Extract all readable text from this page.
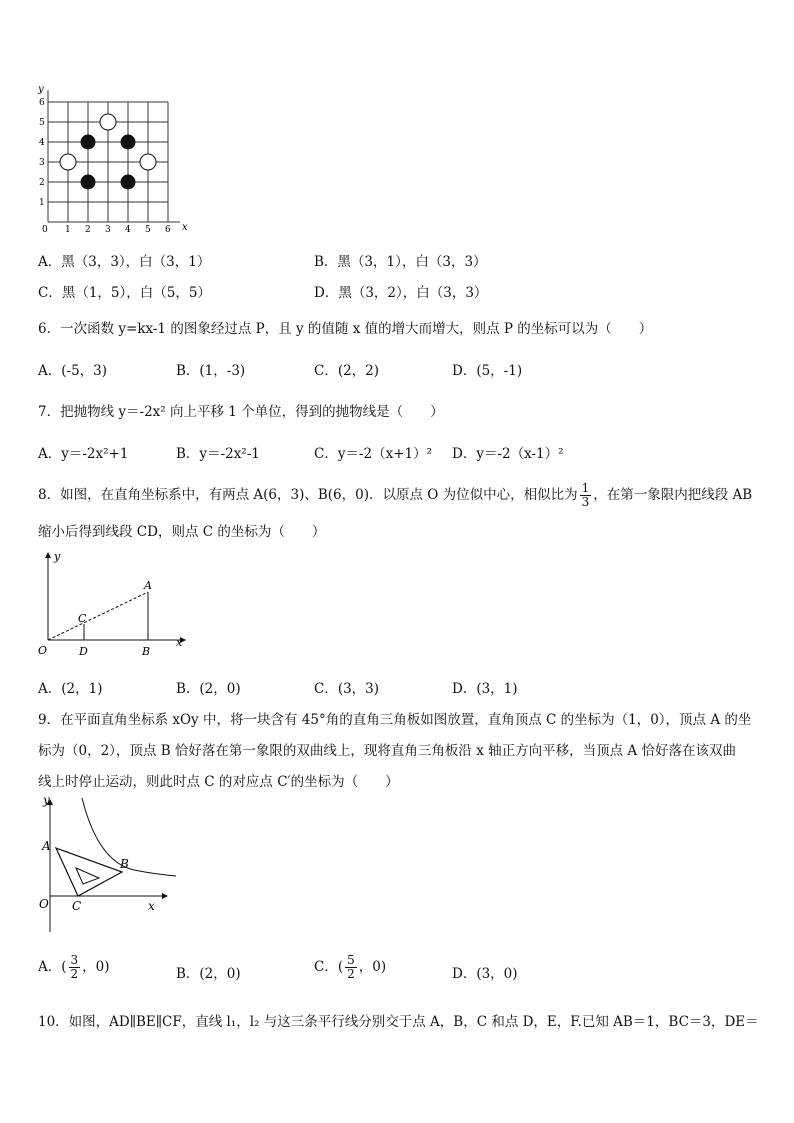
y
x
0
1
2
3
4
5
6
1 2 3 4 5 6
A．黑（3，3），白（3，1）	B．黑（3，1），白（3，3）
C．黑（1，5），白（5，5）	D．黑（3，2），白（3，3）
6．一次函数 y=kx-1 的图象经过点 P，且 y 的值随 x 值的增大而增大，则点 P 的坐标可以为（　　）
A．(-5，3)	B．(1，-3)	C．(2，2)	D．(5，-1)
7．把抛物线 y＝-2x² 向上平移 1 个单位，得到的抛物线是（　　）
A．y＝-2x²+1	B．y＝-2x²-1	C．y＝-2（x+1）² D．y＝-2（x-1）²
8．如图，在直角坐标系中，有两点 A(6，3)、B(6，0)．以原点 O 为位似中心，相似比为 $\frac{1}{3}$ ，在第一象限内把线段 AB
缩小后得到线段 CD，则点 C 的坐标为（　　）
y
x
O
A
B
C
D
A．(2，1)	B．(2，0)	C．(3，3)	D．(3，1)
9．在平面直角坐标系 xOy 中，将一块含有 45°角的直角三角板如图放置，直角顶点 C 的坐标为（1，0），顶点 A 的坐
标为（0，2），顶点 B 恰好落在第一象限的双曲线上，现将直角三角板沿 x 轴正方向平移，当顶点 A 恰好落在该双曲
线上时停止运动，则此时点 C 的对应点 C′的坐标为（　　）
y
x
O
A
B
C
A．( $\frac{3}{2}$ ，0)	B．(2，0)	C．( $\frac{5}{2}$ ，0)	D．(3，0)
10．如图，AD∥BE∥CF，直线 l₁，l₂ 与这三条平行线分别交于点 A，B，C 和点 D，E，F.已知 AB＝1，BC＝3，DE＝
